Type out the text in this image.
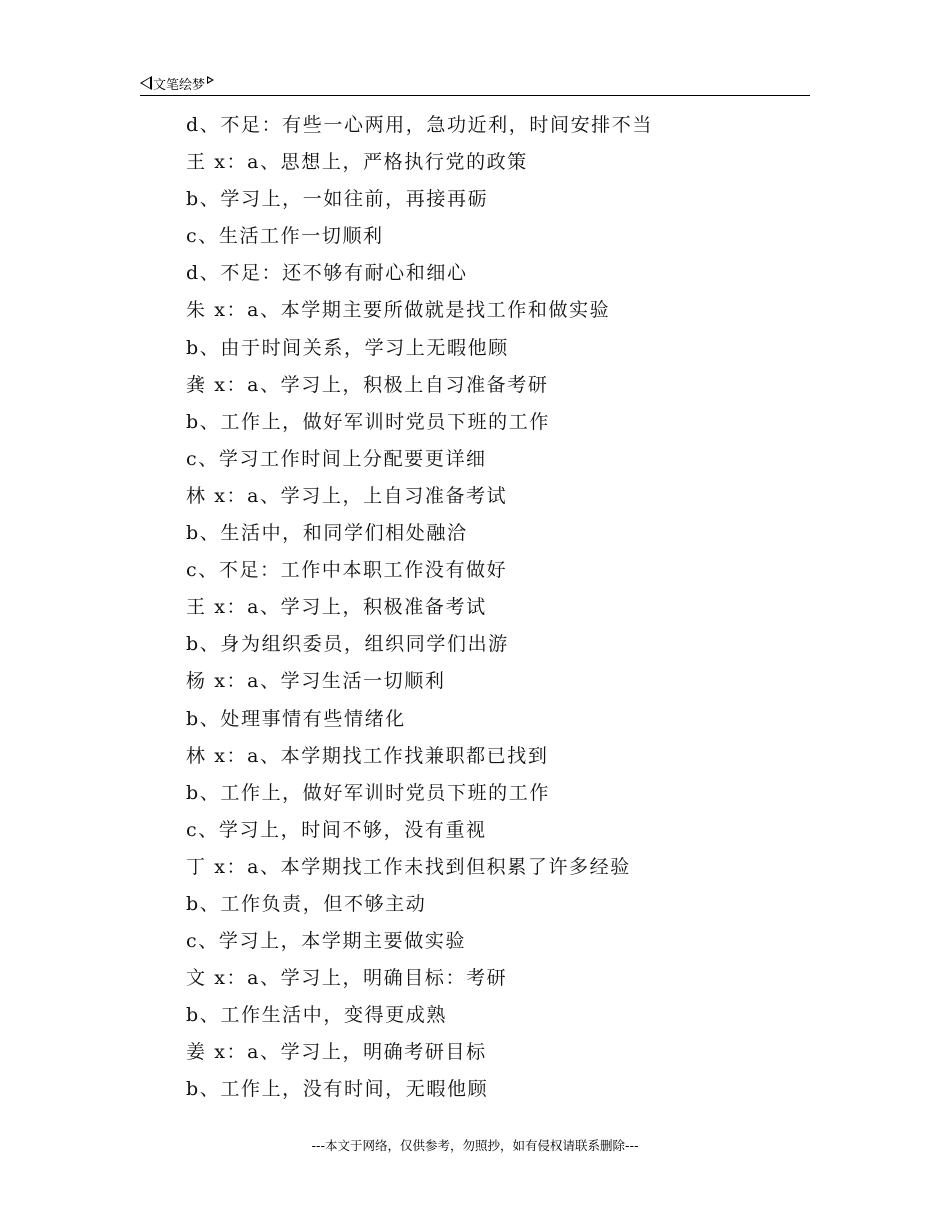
文笔绘梦
d、不足：有些一心两用，急功近利，时间安排不当
王 x：a、思想上，严格执行党的政策
b、学习上，一如往前，再接再砺
c、生活工作一切顺利
d、不足：还不够有耐心和细心
朱 x：a、本学期主要所做就是找工作和做实验
b、由于时间关系，学习上无暇他顾
龚 x：a、学习上，积极上自习准备考研
b、工作上，做好军训时党员下班的工作
c、学习工作时间上分配要更详细
林 x：a、学习上，上自习准备考试
b、生活中，和同学们相处融洽
c、不足：工作中本职工作没有做好
王 x：a、学习上，积极准备考试
b、身为组织委员，组织同学们出游
杨 x：a、学习生活一切顺利
b、处理事情有些情绪化
林 x：a、本学期找工作找兼职都已找到
b、工作上，做好军训时党员下班的工作
c、学习上，时间不够，没有重视
丁 x：a、本学期找工作未找到但积累了许多经验
b、工作负责，但不够主动
c、学习上，本学期主要做实验
文 x：a、学习上，明确目标：考研
b、工作生活中，变得更成熟
姜 x：a、学习上，明确考研目标
b、工作上，没有时间，无暇他顾
---本文于网络，仅供参考，勿照抄，如有侵权请联系删除---
